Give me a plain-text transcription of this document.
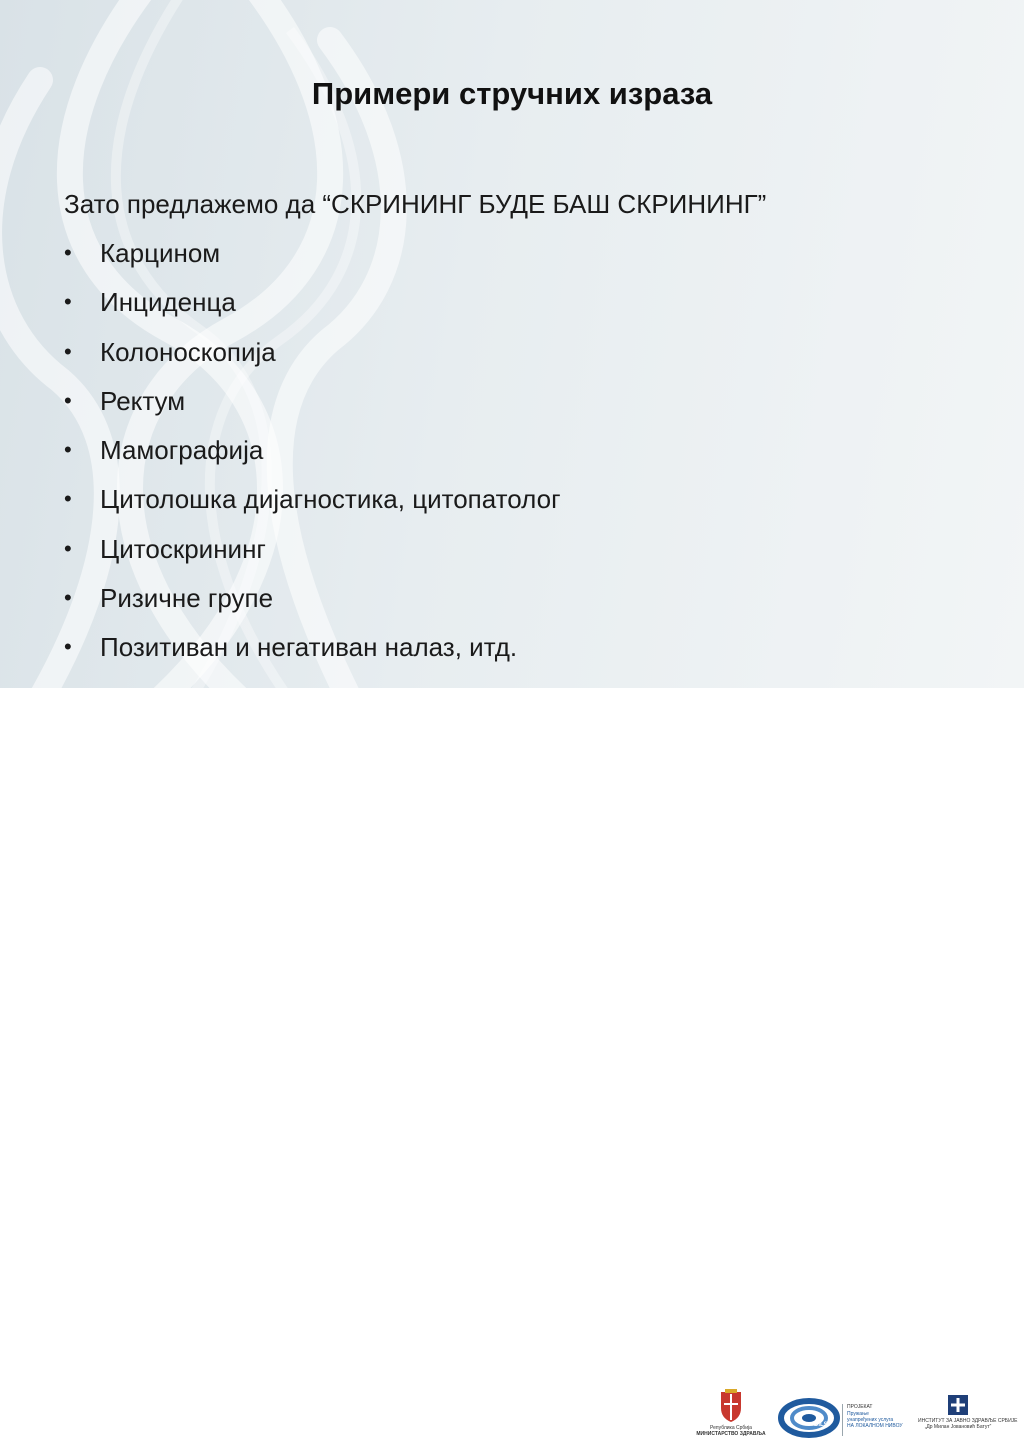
Примери стручних израза
Зато предлажемо да “СКРИНИНГ БУДЕ БАШ СКРИНИНГ”
• Карцином
• Инциденца
• Колоноскопија
• Ректум
• Мамографија
• Цитолошка дијагностика, цитопатолог
• Цитоскрининг
• Ризичне групе
• Позитиван и негативан налаз, итд.
Република Србија
МИНИСТАРСТВО ЗДРАВЉА
DILS
ПРОЈЕКАТ
Пружање
унапређених услуга
НА ЛОКАЛНОМ НИВОУ
ИНСТИТУТ ЗА ЈАВНО ЗДРАВЉЕ СРБИЈЕ
„Др Милан Јовановић Батут“
